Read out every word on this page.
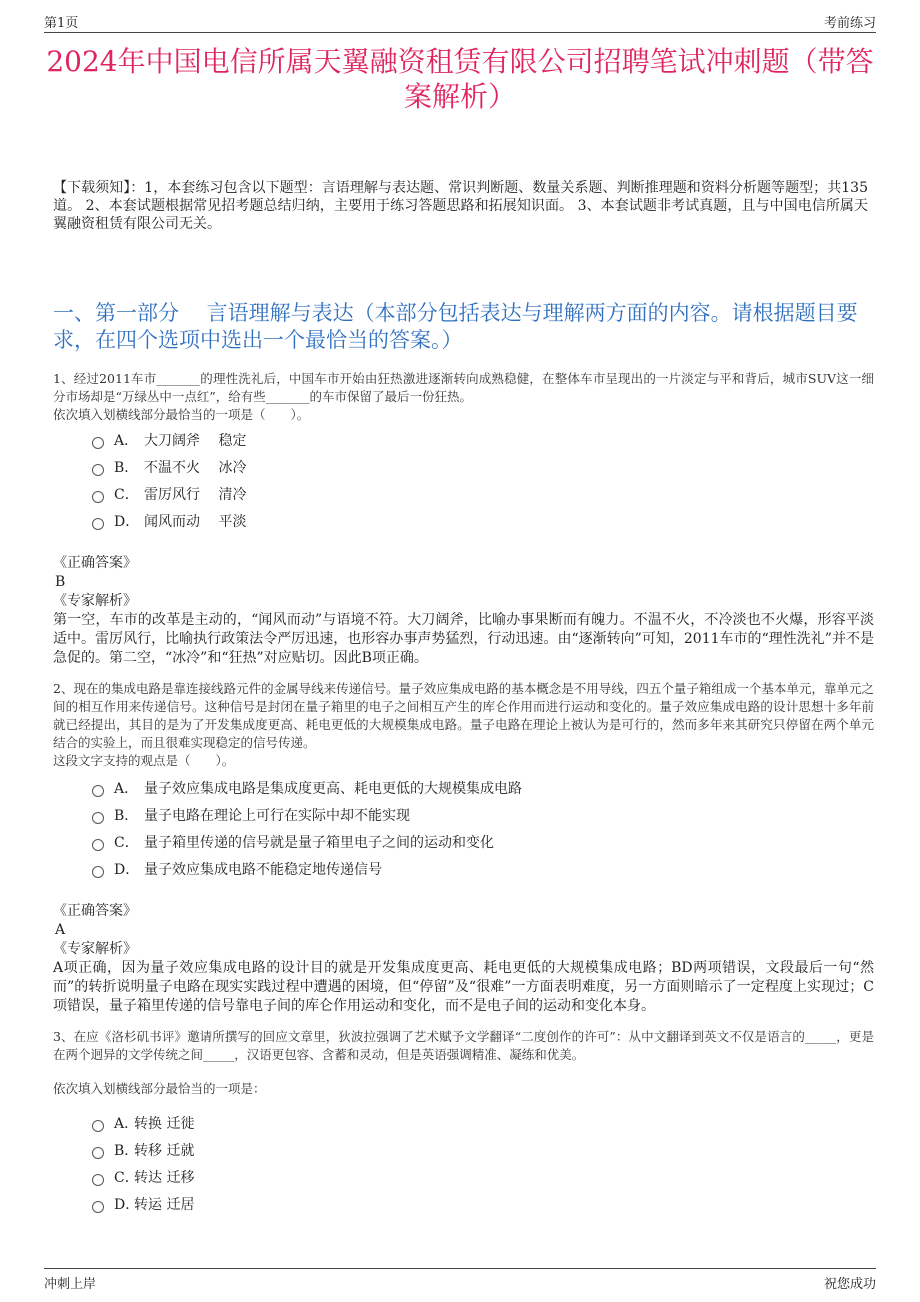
第1页	考前练习
2024年中国电信所属天翼融资租赁有限公司招聘笔试冲刺题（带答案解析）
【下载须知】：1，本套练习包含以下题型：言语理解与表达题、常识判断题、数量关系题、判断推理题和资料分析题等题型；共135道。 2、本套试题根据常见招考题总结归纳，主要用于练习答题思路和拓展知识面。 3、本套试题非考试真题，且与中国电信所属天翼融资租赁有限公司无关。
一、第一部分　 言语理解与表达（本部分包括表达与理解两方面的内容。请根据题目要求，在四个选项中选出一个最恰当的答案。）

1、经过2011车市_______的理性洗礼后，中国车市开始由狂热激进逐渐转向成熟稳健，在整体车市呈现出的一片淡定与平和背后，城市SUV这一细分市场却是“万绿丛中一点红”，给有些_______的车市保留了最后一份狂热。

依次填入划横线部分最恰当的一项是（　　）。

A． 大刀阔斧　 稳定
B． 不温不火　 冰冷
C． 雷厉风行　 清冷
D． 闻风而动　 平淡

《正确答案》

B

《专家解析》

第一空，车市的改革是主动的，“闻风而动”与语境不符。大刀阔斧，比喻办事果断而有魄力。不温不火，不冷淡也不火爆，形容平淡适中。雷厉风行，比喻执行政策法令严厉迅速，也形容办事声势猛烈，行动迅速。由“逐渐转向”可知，2011车市的“理性洗礼”并不是急促的。第二空，“冰冷”和“狂热”对应贴切。因此B项正确。

2、现在的集成电路是靠连接线路元件的金属导线来传递信号。量子效应集成电路的基本概念是不用导线，四五个量子箱组成一个基本单元，靠单元之间的相互作用来传递信号。这种信号是封闭在量子箱里的电子之间相互产生的库仑作用而进行运动和变化的。量子效应集成电路的设计思想十多年前就已经提出，其目的是为了开发集成度更高、耗电更低的大规模集成电路。量子电路在理论上被认为是可行的，然而多年来其研究只停留在两个单元结合的实验上，而且很难实现稳定的信号传递。

这段文字支持的观点是（　　）。

A． 量子效应集成电路是集成度更高、耗电更低的大规模集成电路
B． 量子电路在理论上可行在实际中却不能实现
C． 量子箱里传递的信号就是量子箱里电子之间的运动和变化
D． 量子效应集成电路不能稳定地传递信号

《正确答案》

A

《专家解析》

A项正确，因为量子效应集成电路的设计目的就是开发集成度更高、耗电更低的大规模集成电路；BD两项错误，文段最后一句“然而”的转折说明量子电路在现实实践过程中遭遇的困境，但“停留”及“很难”一方面表明难度，另一方面则暗示了一定程度上实现过；C项错误，量子箱里传递的信号靠电子间的库仑作用运动和变化，而不是电子间的运动和变化本身。

3、在应《洛杉矶书评》邀请所撰写的回应文章里，狄波拉强调了艺术赋予文学翻译“二度创作的许可”：从中文翻译到英文不仅是语言的_____，更是在两个迥异的文学传统之间_____，汉语更包容、含蓄和灵动，但是英语强调精准、凝练和优美。

依次填入划横线部分最恰当的一项是：

A．
转换 迁徙
B．
转移 迁就
C．
转达 迁移
D．
转运 迁居
冲刺上岸	祝您成功
